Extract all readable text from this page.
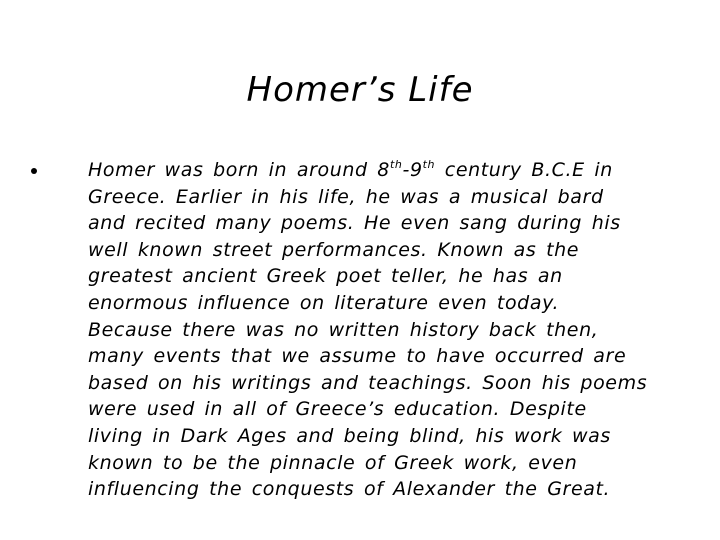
Homer’s Life
Homer was born in around 8th-9th century B.C.E in
Greece. Earlier in his life, he was a musical bard
and recited many poems. He even sang during his
well known street performances. Known as the
greatest ancient Greek poet teller, he has an
enormous influence on literature even today.
Because there was no written history back then,
many events that we assume to have occurred are
based on his writings and teachings. Soon his poems
were used in all of Greece’s education. Despite
living in Dark Ages and being blind, his work was
known to be the pinnacle of Greek work, even
influencing the conquests of Alexander the Great.
